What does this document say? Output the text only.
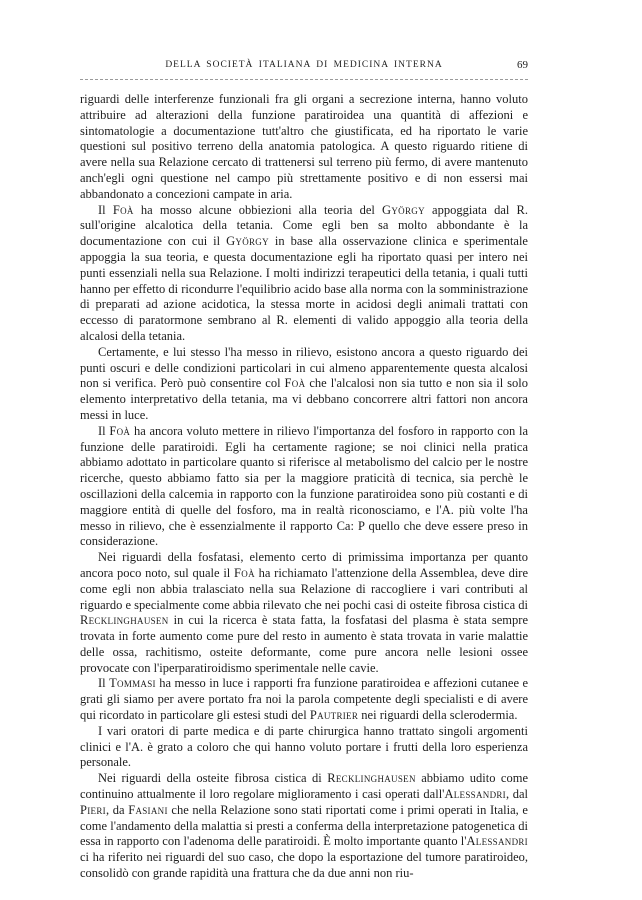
DELLA SOCIETÀ ITALIANA DI MEDICINA INTERNA	69

riguardi delle interferenze funzionali fra gli organi a secrezione interna, hanno voluto attribuire ad alterazioni della funzione paratiroidea una quantità di affezioni e sintomatologie a documentazione tutt'altro che giustificata, ed ha riportato le varie questioni sul positivo terreno della anatomia patologica. A questo riguardo ritiene di avere nella sua Relazione cercato di trattenersi sul terreno più fermo, di avere mantenuto anch'egli ogni questione nel campo più strettamente positivo e di non essersi mai abbandonato a concezioni campate in aria.

Il Foà ha mosso alcune obbiezioni alla teoria del György appoggiata dal R. sull'origine alcalotica della tetania. Come egli ben sa molto abbondante è la documentazione con cui il György in base alla osservazione clinica e sperimentale appoggia la sua teoria, e questa documentazione egli ha riportato quasi per intero nei punti essenziali nella sua Relazione. I molti indirizzi terapeutici della tetania, i quali tutti hanno per effetto di ricondurre l'equilibrio acido base alla norma con la somministrazione di preparati ad azione acidotica, la stessa morte in acidosi degli animali trattati con eccesso di paratormone sembrano al R. elementi di valido appoggio alla teoria della alcalosi della tetania.

Certamente, e lui stesso l'ha messo in rilievo, esistono ancora a questo riguardo dei punti oscuri e delle condizioni particolari in cui almeno apparentemente questa alcalosi non si verifica. Però può consentire col Foà che l'alcalosi non sia tutto e non sia il solo elemento interpretativo della tetania, ma vi debbano concorrere altri fattori non ancora messi in luce.

Il Foà ha ancora voluto mettere in rilievo l'importanza del fosforo in rapporto con la funzione delle paratiroidi. Egli ha certamente ragione; se noi clinici nella pratica abbiamo adottato in particolare quanto si riferisce al metabolismo del calcio per le nostre ricerche, questo abbiamo fatto sia per la maggiore praticità di tecnica, sia perchè le oscillazioni della calcemia in rapporto con la funzione paratiroidea sono più costanti e di maggiore entità di quelle del fosforo, ma in realtà riconosciamo, e l'A. più volte l'ha messo in rilievo, che è essenzialmente il rapporto Ca: P quello che deve essere preso in considerazione.

Nei riguardi della fosfatasi, elemento certo di primissima importanza per quanto ancora poco noto, sul quale il Foà ha richiamato l'attenzione della Assemblea, deve dire come egli non abbia tralasciato nella sua Relazione di raccogliere i vari contributi al riguardo e specialmente come abbia rilevato che nei pochi casi di osteite fibrosa cistica di Recklinghausen in cui la ricerca è stata fatta, la fosfatasi del plasma è stata sempre trovata in forte aumento come pure del resto in aumento è stata trovata in varie malattie delle ossa, rachitismo, osteite deformante, come pure ancora nelle lesioni ossee provocate con l'iperparatiroidismo sperimentale nelle cavie.

Il Tommasi ha messo in luce i rapporti fra funzione paratiroidea e affezioni cutanee e grati gli siamo per avere portato fra noi la parola competente degli specialisti e di avere qui ricordato in particolare gli estesi studi del Pautrier nei riguardi della sclerodermia.

I vari oratori di parte medica e di parte chirurgica hanno trattato singoli argomenti clinici e l'A. è grato a coloro che qui hanno voluto portare i frutti della loro esperienza personale.

Nei riguardi della osteite fibrosa cistica di Recklinghausen abbiamo udito come continuino attualmente il loro regolare miglioramento i casi operati dall'Alessandri, dal Pieri, da Fasiani che nella Relazione sono stati riportati come i primi operati in Italia, e come l'andamento della malattia si presti a conferma della interpretazione patogenetica di essa in rapporto con l'adenoma delle paratiroidi. È molto importante quanto l'Alessandri ci ha riferito nei riguardi del suo caso, che dopo la esportazione del tumore paratiroideo, consolidò con grande rapidità una frattura che da due anni non riu-
